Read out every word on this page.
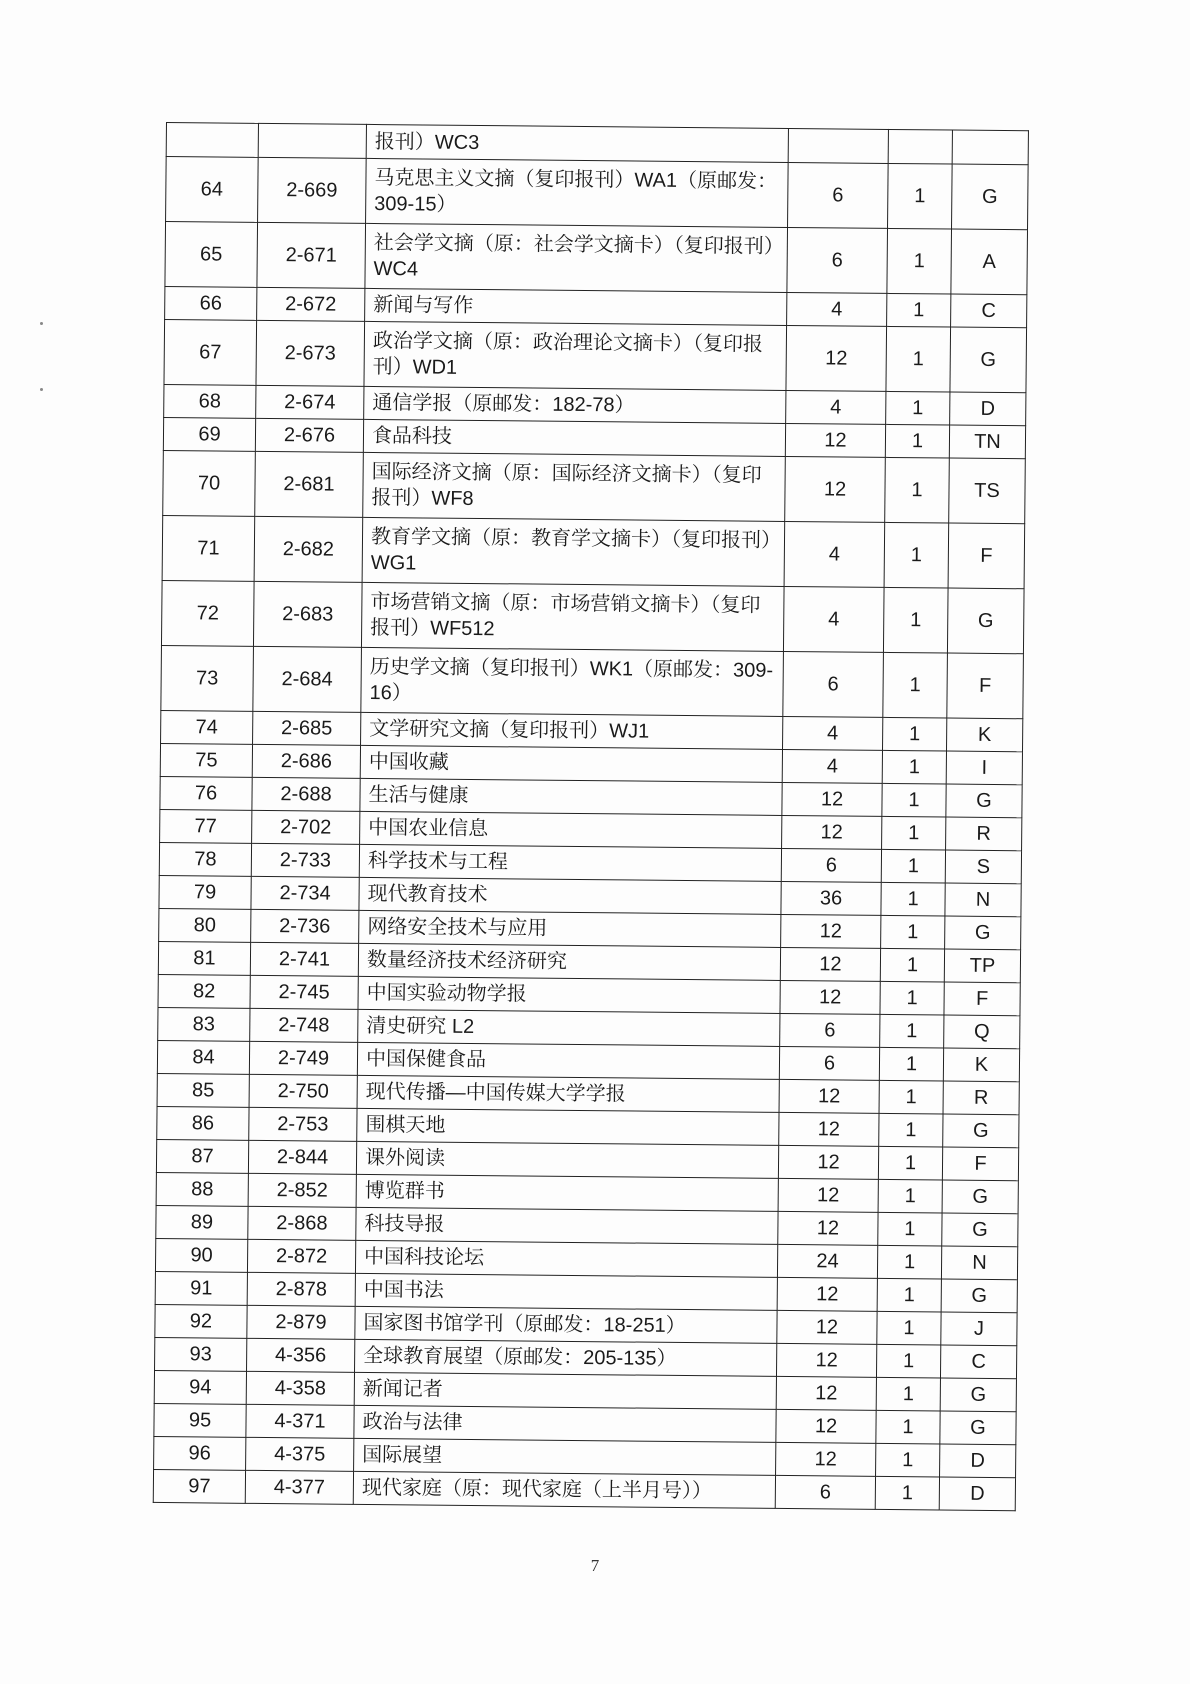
		报刊）WC3			
64	2-669	马克思主义文摘（复印报刊）WA1（原邮发：309-15）	6	1	G
65	2-671	社会学文摘（原：社会学文摘卡）（复印报刊）WC4	6	1	A
66	2-672	新闻与写作	4	1	C
67	2-673	政治学文摘（原：政治理论文摘卡）（复印报刊）WD1	12	1	G
68	2-674	通信学报（原邮发：182-78）	4	1	D
69	2-676	食品科技	12	1	TN
70	2-681	国际经济文摘（原：国际经济文摘卡）（复印报刊）WF8	12	1	TS
71	2-682	教育学文摘（原：教育学文摘卡）（复印报刊）WG1	4	1	F
72	2-683	市场营销文摘（原：市场营销文摘卡）（复印报刊）WF512	4	1	G
73	2-684	历史学文摘（复印报刊）WK1（原邮发：309-16）	6	1	F
74	2-685	文学研究文摘（复印报刊）WJ1	4	1	K
75	2-686	中国收藏	4	1	I
76	2-688	生活与健康	12	1	G
77	2-702	中国农业信息	12	1	R
78	2-733	科学技术与工程	6	1	S
79	2-734	现代教育技术	36	1	N
80	2-736	网络安全技术与应用	12	1	G
81	2-741	数量经济技术经济研究	12	1	TP
82	2-745	中国实验动物学报	12	1	F
83	2-748	清史研究 L2	6	1	Q
84	2-749	中国保健食品	6	1	K
85	2-750	现代传播—中国传媒大学学报	12	1	R
86	2-753	围棋天地	12	1	G
87	2-844	课外阅读	12	1	F
88	2-852	博览群书	12	1	G
89	2-868	科技导报	12	1	G
90	2-872	中国科技论坛	24	1	N
91	2-878	中国书法	12	1	G
92	2-879	国家图书馆学刊（原邮发：18-251）	12	1	J
93	4-356	全球教育展望（原邮发：205-135）	12	1	C
94	4-358	新闻记者	12	1	G
95	4-371	政治与法律	12	1	G
96	4-375	国际展望	12	1	D
97	4-377	现代家庭（原：现代家庭（上半月号））	6	1	D
7
